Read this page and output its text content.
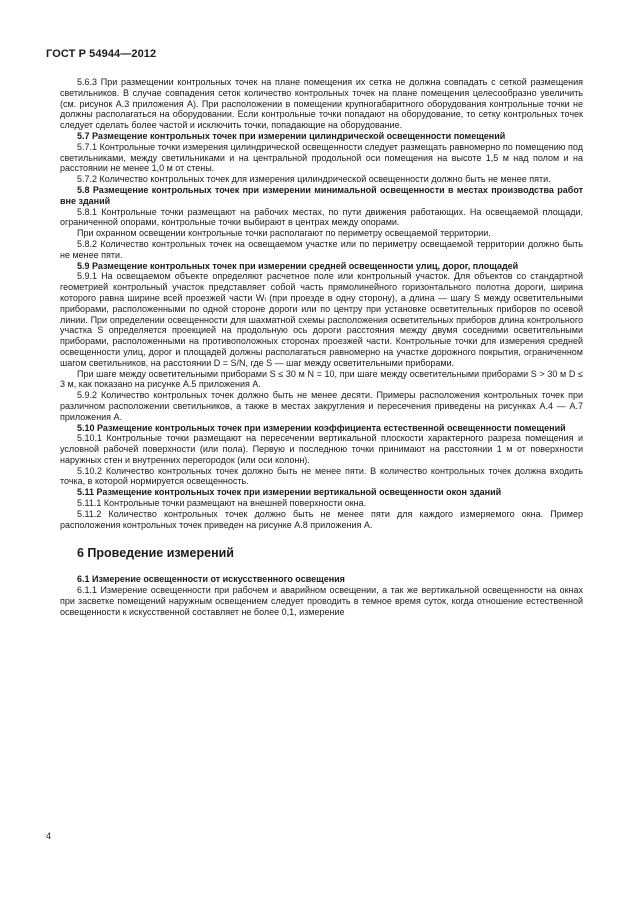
ГОСТ Р 54944—2012

5.6.3 При размещении контрольных точек на плане помещения их сетка не должна совпадать с сеткой размещения светильников. В случае совпадения сеток количество контрольных точек на плане помещения целесообразно увеличить (см. рисунок А.3 приложения А). При расположении в помещении крупногабаритного оборудования контрольные точки не должны располагаться на оборудовании. Если контрольные точки попадают на оборудование, то сетку контрольных точек следует сделать более частой и исключить точки, попадающие на оборудование.

5.7 Размещение контрольных точек при измерении цилиндрической освещенности помещений

5.7.1 Контрольные точки измерения цилиндрической освещенности следует размещать равномерно по помещению под светильниками, между светильниками и на центральной продольной оси помещения на высоте 1,5 м над полом и на расстоянии не менее 1,0 м от стены.

5.7.2 Количество контрольных точек для измерения цилиндрической освещенности должно быть не менее пяти.

5.8 Размещение контрольных точек при измерении минимальной освещенности в местах производства работ вне зданий

5.8.1 Контрольные точки размещают на рабочих местах, по пути движения работающих. На освещаемой площади, ограниченной опорами, контрольные точки выбирают в центрах между опорами.

При охранном освещении контрольные точки располагают по периметру освещаемой территории.

5.8.2 Количество контрольных точек на освещаемом участке или по периметру освещаемой территории должно быть не менее пяти.

5.9 Размещение контрольных точек при измерении средней освещенности улиц, дорог, площадей

5.9.1 На освещаемом объекте определяют расчетное поле или контрольный участок. Для объектов со стандартной геометрией контрольный участок представляет собой часть прямолинейного горизонтального полотна дороги, ширина которого равна ширине всей проезжей части Wₗ (при проезде в одну сторону), а длина — шагу S между осветительными приборами, расположенными по одной стороне дороги или по центру при установке осветительных приборов по осевой линии. При определении освещенности для шахматной схемы расположения осветительных приборов длина контрольного участка S определяется проекцией на продольную ось дороги расстояния между двумя соседними осветительными приборами, расположенными на противоположных сторонах проезжей части. Контрольные точки для измерения средней освещенности улиц, дорог и площадей должны располагаться равномерно на участке дорожного покрытия, ограниченном шагом светильников, на расстоянии D = S/N, где S — шаг между осветительными приборами.

При шаге между осветительными приборами S ≤ 30 м N = 10, при шаге между осветительными приборами S > 30 м D ≤ 3 м, как показано на рисунке А.5 приложения А.

5.9.2 Количество контрольных точек должно быть не менее десяти. Примеры расположения контрольных точек при различном расположении светильников, а также в местах закругления и пересечения приведены на рисунках А.4 — А.7 приложения А.

5.10 Размещение контрольных точек при измерении коэффициента естественной освещенности помещений

5.10.1 Контрольные точки размещают на пересечении вертикальной плоскости характерного разреза помещения и условной рабочей поверхности (или пола). Первую и последнюю точки принимают на расстоянии 1 м от поверхности наружных стен и внутренних перегородок (или оси колонн).

5.10.2 Количество контрольных точек должно быть не менее пяти. В количество контрольных точек должна входить точка, в которой нормируется освещенность.

5.11 Размещение контрольных точек при измерении вертикальной освещенности окон зданий

5.11.1 Контрольные точки размещают на внешней поверхности окна.

5.11.2 Количество контрольных точек должно быть не менее пяти для каждого измеряемого окна. Пример расположения контрольных точек приведен на рисунке А.8 приложения А.

6 Проведение измерений

6.1 Измерение освещенности от искусственного освещения

6.1.1 Измерение освещенности при рабочем и аварийном освещении, а так же вертикальной освещенности на окнах при засветке помещений наружным освещением следует проводить в темное время суток, когда отношение естественной освещенности к искусственной составляет не более 0,1, измерение

4
